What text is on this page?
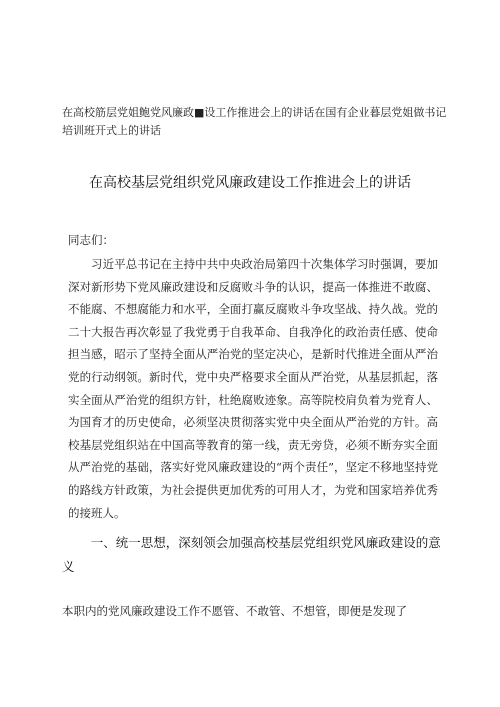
在高校筋层党姐鲍党风廉政■设工作推进会上的讲话在国有企业暮层党姐做书记培训班开式上的讲话
在高校基层党组织党风廉政建设工作推进会上的讲话
同志们：
习近平总书记在主持中共中央政治局第四十次集体学习时强调，要加深对新形势下党风廉政建设和反腐败斗争的认识，提高一体推进不敢腐、不能腐、不想腐能力和水平，全面打赢反腐败斗争攻坚战、持久战。党的二十大报告再次彰显了我党勇于自我革命、自我净化的政治责任感、使命担当感，昭示了坚持全面从严治党的坚定决心，是新时代推进全面从严治党的行动纲领。新时代，党中央严格要求全面从严治党，从基层抓起，落实全面从严治党的组织方针，杜绝腐败迹象。高等院校肩负着为党育人、为国育才的历史使命，必须坚决贯彻落实党中央全面从严治党的方针。高校基层党组织站在中国高等教育的第一线，责无旁贷，必须不断夯实全面从严治党的基础，落实好党风廉政建设的“两个责任”，坚定不移地坚持党的路线方针政策，为社会提供更加优秀的可用人才，为党和国家培养优秀的接班人。
一、统一思想，深刻领会加强高校基层党组织党风廉政建设的意义
本职内的党风廉政建设工作不愿管、不敢管、不想管，即便是发现了
